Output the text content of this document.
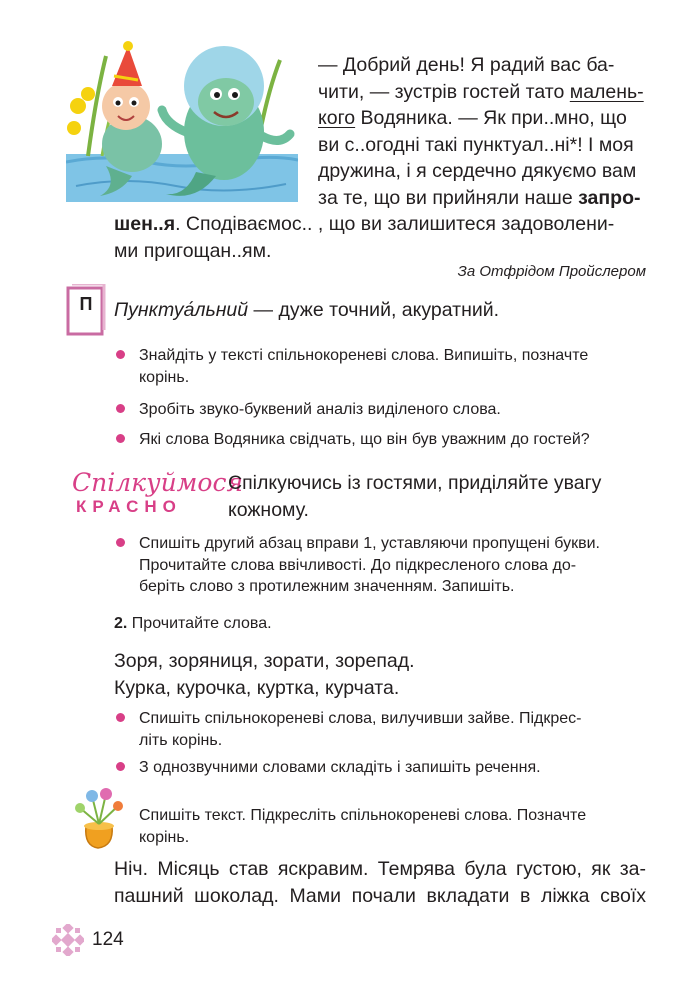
— Добрий день! Я радий вас ба-
чити, — зустрів гостей тато малень-
кого Водяника. — Як при..мно, що
ви с..огодні такі пунктуал..ні*! І моя
дружина, і я сердечно дякуємо вам
за те, що ви прийняли наше запро-
шен..я. Сподіваємос.. , що ви залишитеся задоволени-
ми пригощан..ям.
За Отфрідом Пройслером
П	Пунктуа́льний — дуже точний, акуратний.
Знайдіть у тексті спільнокореневі слова. Випишіть, позначте
корінь.
Зробіть звуко-буквений аналіз виділеного слова.
Які слова Водяника свідчать, що він був уважним до гостей?
Спілкуймося
КРАСНО
Спілкуючись із гостями, приділяйте увагу
кожному.
Спишіть другий абзац вправи 1, уставляючи пропущені букви.
Прочитайте слова ввічливості. До підкресленого слова до-
беріть слово з протилежним значенням. Запишіть.
2. Прочитайте слова.
Зоря, зоряниця, зорати, зорепад.
Курка, курочка, куртка, курчата.
Спишіть спільнокореневі слова, вилучивши зайве. Підкрес-
літь корінь.
З однозвучними словами складіть і запишіть речення.
Спишіть текст. Підкресліть спільнокореневі слова. Позначте
корінь.
Ніч. Місяць став яскравим. Темрява була густою, як за-
пашний шоколад. Мами почали вкладати в ліжка своїх
124
